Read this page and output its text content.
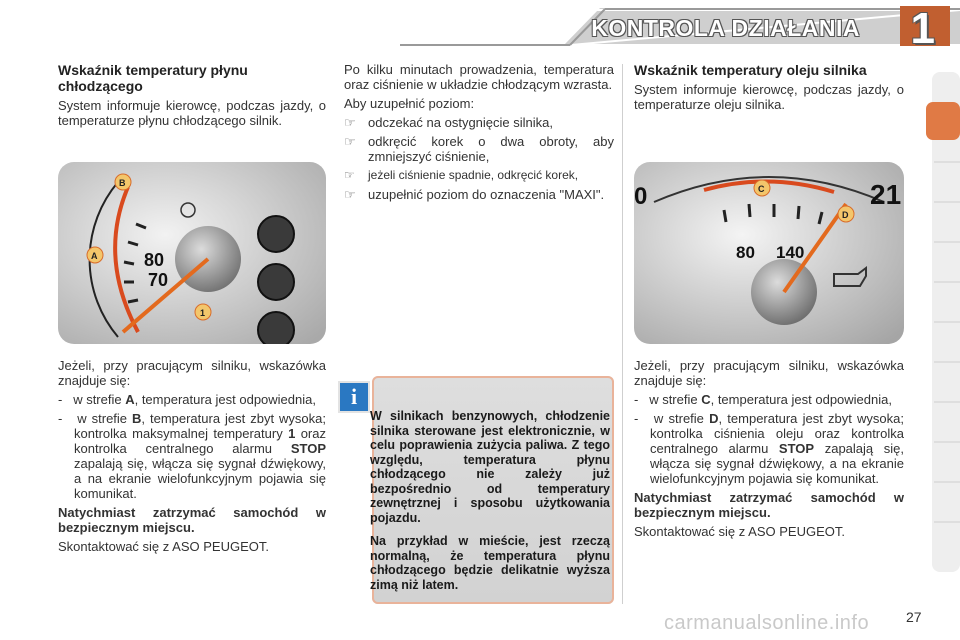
KONTROLA DZIAŁANIA 1

Wskaźnik temperatury płynu chłodzącego

System informuje kierowcę, podczas jazdy, o temperaturze płynu chłodzącego silnik.

80
70
B
A
1

Jeżeli, przy pracującym silniku, wskazówka znajduje się:

- w strefie A, temperatura jest odpowiednia,

- w strefie B, temperatura jest zbyt wysoka; kontrolka maksymalnej temperatury 1 oraz kontrolka centralnego alarmu STOP zapalają się, włącza się sygnał dźwiękowy, a na ekranie wielofunkcyjnym pojawia się komunikat.

Natychmiast zatrzymać samochód w bezpiecznym miejscu.

Skontaktować się z ASO PEUGEOT.

Po kilku minutach prowadzenia, temperatura oraz ciśnienie w układzie chłodzącym wzrasta.

Aby uzupełnić poziom:

☞ odczekać na ostygnięcie silnika,

☞ odkręcić korek o dwa obroty, aby zmniejszyć ciśnienie,

☞ jeżeli ciśnienie spadnie, odkręcić korek,

☞ uzupełnić poziom do oznaczenia "MAXI".

i

W silnikach benzynowych, chłodzenie silnika sterowane jest elektronicznie, w celu poprawienia zużycia paliwa. Z tego względu, temperatura płynu chłodzącego nie zależy już bezpośrednio od temperatury zewnętrznej i sposobu użytkowania pojazdu.

Na przykład w mieście, jest rzeczą normalną, że temperatura płynu chłodzącego będzie delikatnie wyższa zimą niż latem.

Wskaźnik temperatury oleju silnika

System informuje kierowcę, podczas jazdy, o temperaturze oleju silnika.

0	21
80 140
C
D

Jeżeli, przy pracującym silniku, wskazówka znajduje się:

- w strefie C, temperatura jest odpowiednia,

- w strefie D, temperatura jest zbyt wysoka; kontrolka ciśnienia oleju oraz kontrolka centralnego alarmu STOP zapalają się, włącza się sygnał dźwiękowy, a na ekranie wielofunkcyjnym pojawia się komunikat.

Natychmiast zatrzymać samochód w bezpiecznym miejscu.

Skontaktować się z ASO PEUGEOT.

carmanualsonline.info	27
